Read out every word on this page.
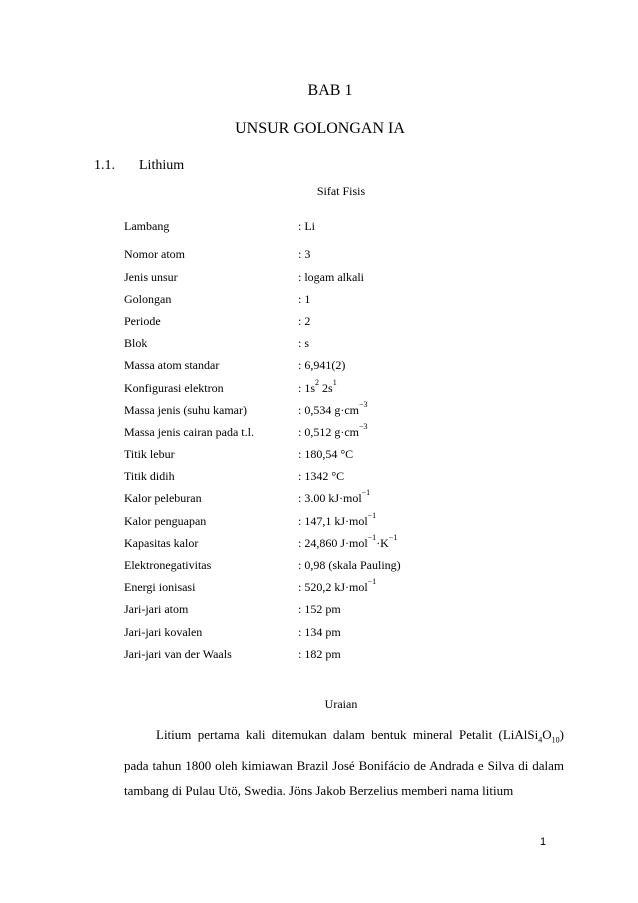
BAB 1
UNSUR GOLONGAN IA
1.1. Lithium
Sifat Fisis
Lambang	: Li
Nomor atom	: 3
Jenis unsur	: logam alkali
Golongan	: 1
Periode	: 2
Blok	: s
Massa atom standar	: 6,941(2)
Konfigurasi elektron	: $1s^2$ $2s^1$
Massa jenis (suhu kamar)	: 0,534 $g\cdot cm^{-3}$
Massa jenis cairan pada t.l.	: 0,512 $g\cdot cm^{-3}$
Titik lebur	: 180,54 °C
Titik didih	: 1342 °C
Kalor peleburan	: 3.00 kJ·mol$^{-1}$
Kalor penguapan	: 147,1 kJ·mol$^{-1}$
Kapasitas kalor	: 24,860 $J\cdot mol^{-1}\cdot K^{-1}$
Elektronegativitas	: 0,98 (skala Pauling)
Energi ionisasi	: 520,2 kJ·mol$^{-1}$
Jari-jari atom	: 152 pm
Jari-jari kovalen	: 134 pm
Jari-jari van der Waals	: 182 pm
Uraian
Litium pertama kali ditemukan dalam bentuk mineral Petalit $(LiAlSi_4O_{10})$ pada tahun 1800 oleh kimiawan Brazil José Bonifácio de Andrada e Silva di dalam tambang di Pulau Utö, Swedia. Jöns Jakob Berzelius memberi nama litium
1
